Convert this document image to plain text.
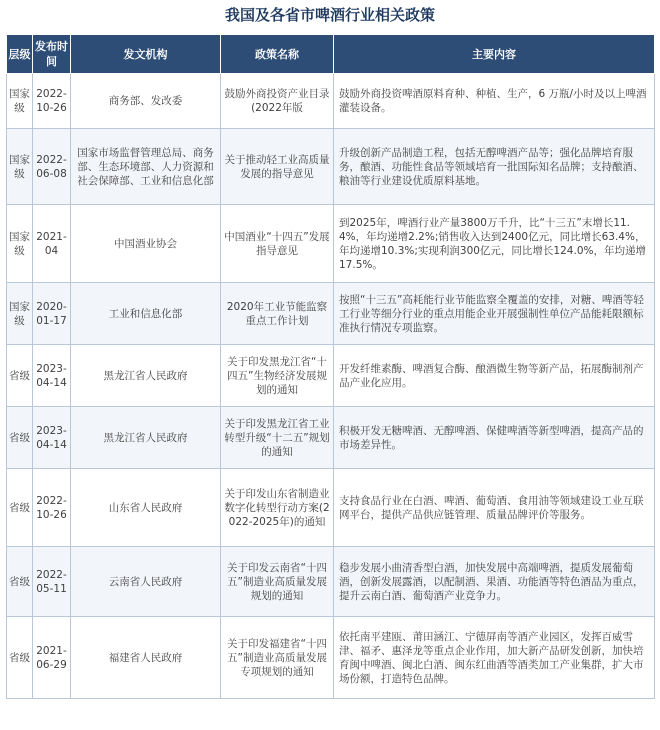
我国及各省市啤酒行业相关政策
层级	发布时间	发文机构	政策名称	主要内容
国家级	2022-10-26	商务部、发改委	鼓励外商投资产业目录(2022年版	鼓励外商投资啤酒原料育种、种植、生产，6 万瓶/小时及以上啤酒灌装设备。
国家级	2022-06-08	国家市场监督管理总局、商务部、生态环境部、人力资源和社会保障部、工业和信息化部	关于推动轻工业高质量发展的指导意见	升级创新产品制造工程，包括无醇啤酒产品等；强化品牌培育服务，酿酒、功能性食品等领域培育一批国际知名品牌；支持酿酒、粮油等行业建设优质原料基地。
国家级	2021-04	中国酒业协会	中国酒业“十四五”发展指导意见	到2025年，啤酒行业产量3800万千升，比“十三五”末增长11.4%，年均递增2.2%;销售收入达到2400亿元，同比增长63.4%，年均递增10.3%;实现利润300亿元，同比增长124.0%，年均递增17.5%。
国家级	2020-01-17	工业和信息化部	2020年工业节能监察重点工作计划	按照“十三五”高耗能行业节能监察全覆盖的安排，对糖、啤酒等轻工行业等细分行业的重点用能企业开展强制性单位产品能耗限额标准执行情况专项监察。
省级	2023-04-14	黑龙江省人民政府	关于印发黑龙江省“十四五”生物经济发展规划的通知	开发纤维素酶、啤酒复合酶、酿酒微生物等新产品，拓展酶制剂产品产业化应用。
省级	2023-04-14	黑龙江省人民政府	关于印发黑龙江省工业转型升级“十二五”规划的通知	积极开发无糖啤酒、无醇啤酒、保健啤酒等新型啤酒，提高产品的市场差异性。
省级	2022-10-26	山东省人民政府	关于印发山东省制造业数字化转型行动方案(2022-2025年)的通知	支持食品行业在白酒、啤酒、葡萄酒、食用油等领域建设工业互联网平台，提供产品供应链管理、质量品牌评价等服务。
省级	2022-05-11	云南省人民政府	关于印发云南省“十四五”制造业高质量发展规划的通知	稳步发展小曲清香型白酒，加快发展中高端啤酒，提质发展葡萄酒，创新发展露酒，以配制酒、果酒、功能酒等特色酒品为重点，提升云南白酒、葡萄酒产业竞争力。
省级	2021-06-29	福建省人民政府	关于印发福建省“十四五”制造业高质量发展专项规划的通知	依托南平建瓯、莆田涵江、宁德屏南等酒产业园区，发挥百威雪津、福矛、惠泽龙等重点企业作用，加大新产品研发创新，加快培育闽中啤酒、闽北白酒、闽东红曲酒等酒类加工产业集群，扩大市场份额，打造特色品牌。
